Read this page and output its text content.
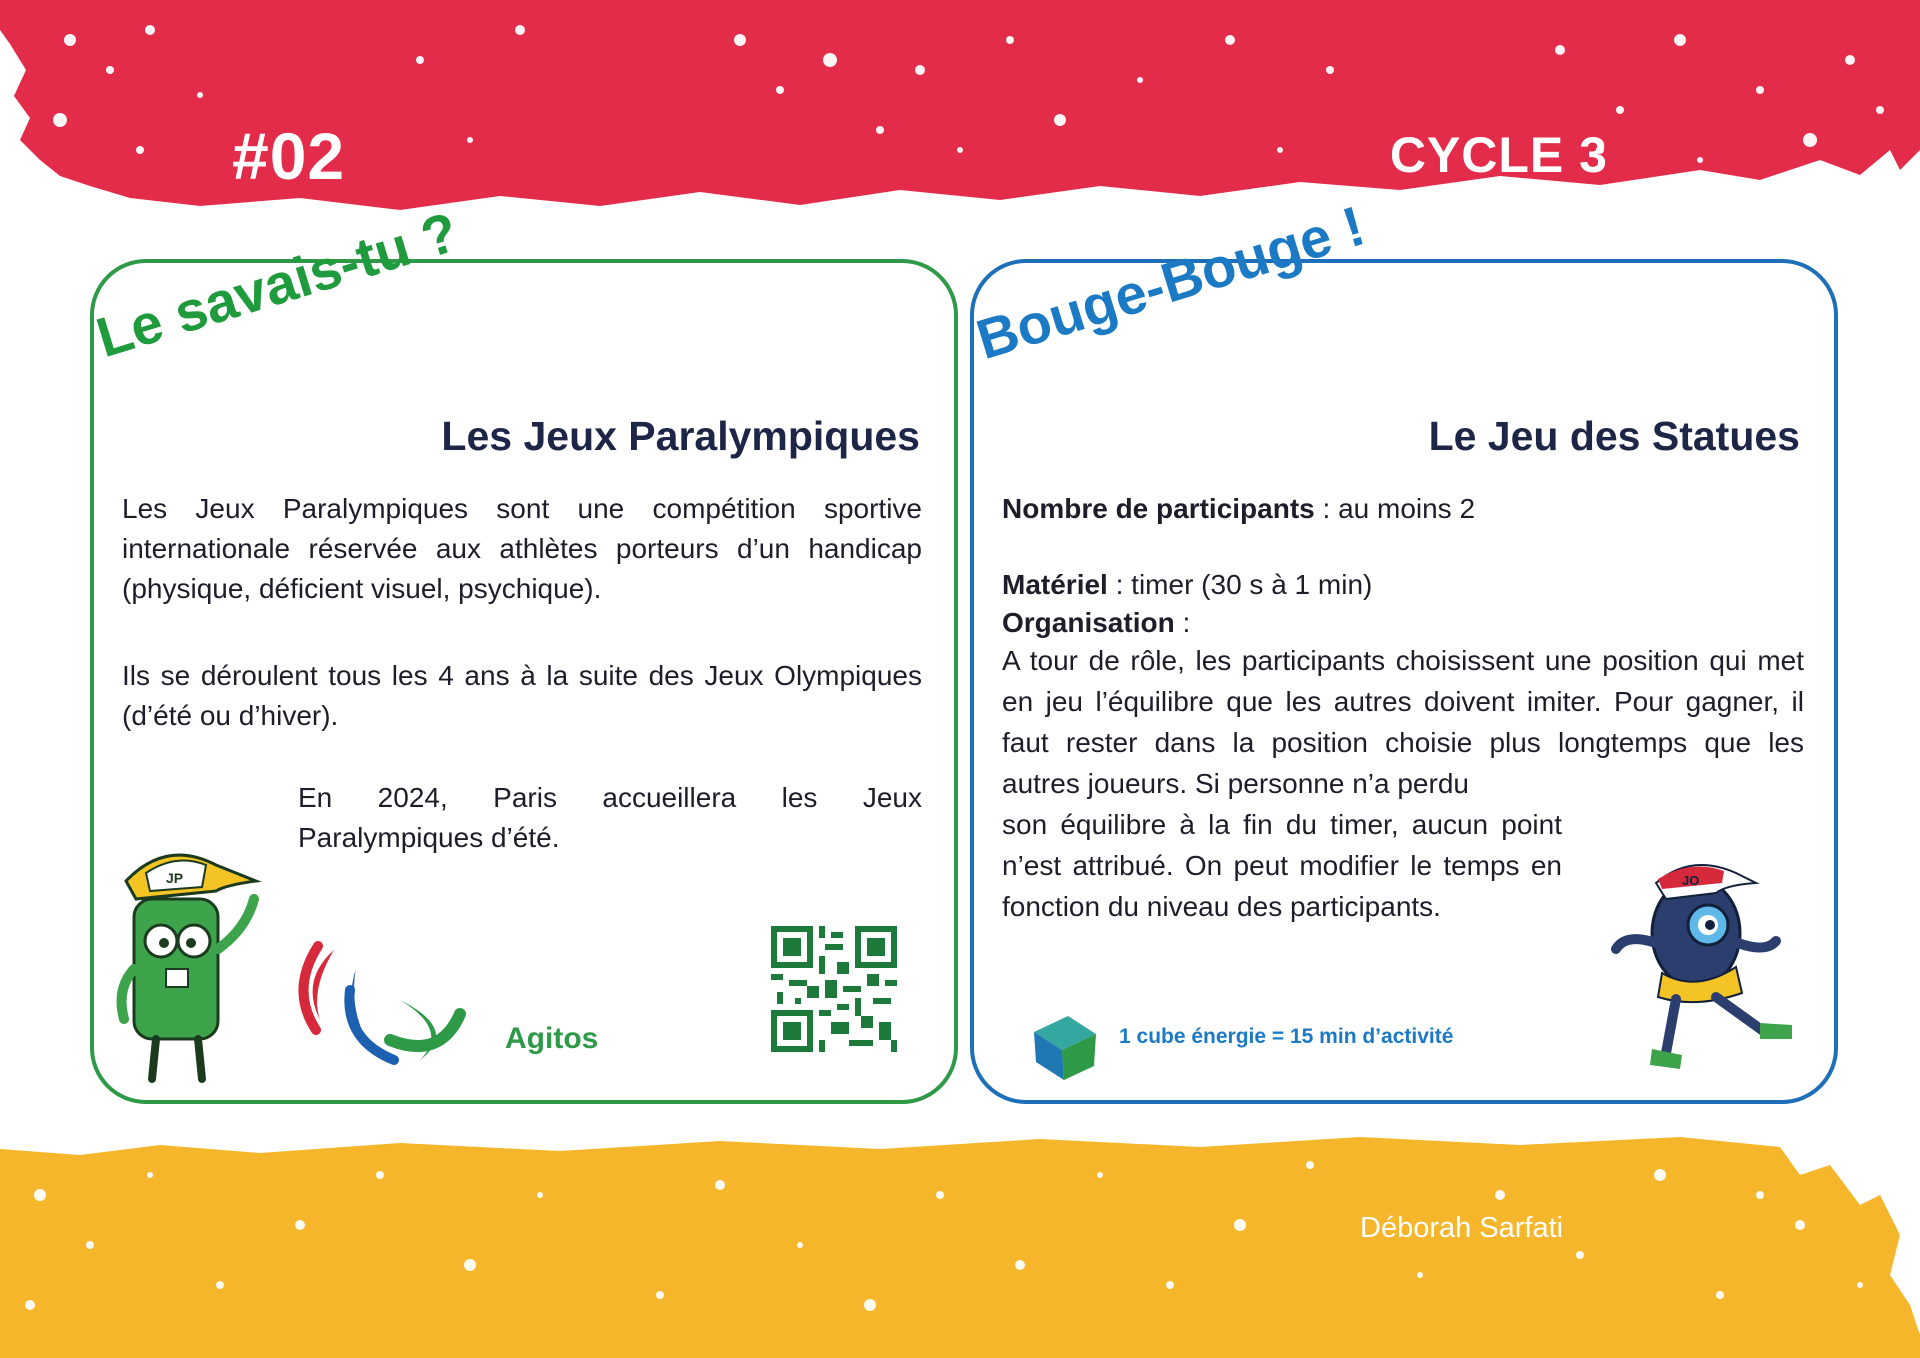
#02	CYCLE 3
Le savais-tu ?
Les Jeux Paralympiques

Les Jeux Paralympiques sont une compétition sportive internationale réservée aux athlètes porteurs d’un handicap (physique, déficient visuel, psychique).

Ils se déroulent tous les 4 ans à la suite des Jeux Olympiques (d’été ou d’hiver).

En 2024, Paris accueillera les Jeux Paralympiques d’été.

JP
Agitos
Bouge-Bouge !
Le Jeu des Statues
Nombre de participants : au moins 2
Matériel : timer (30 s à 1 min)
Organisation :

A tour de rôle, les participants choisissent une position qui met en jeu l’équilibre que les autres doivent imiter. Pour gagner, il faut rester dans la position choisie plus longtemps que les autres joueurs. Si personne n’a perdu

son équilibre à la fin du timer, aucun point n’est attribué. On peut modifier le temps en fonction du niveau des participants.

JO
1 cube énergie = 15 min d’activité
Déborah Sarfati
